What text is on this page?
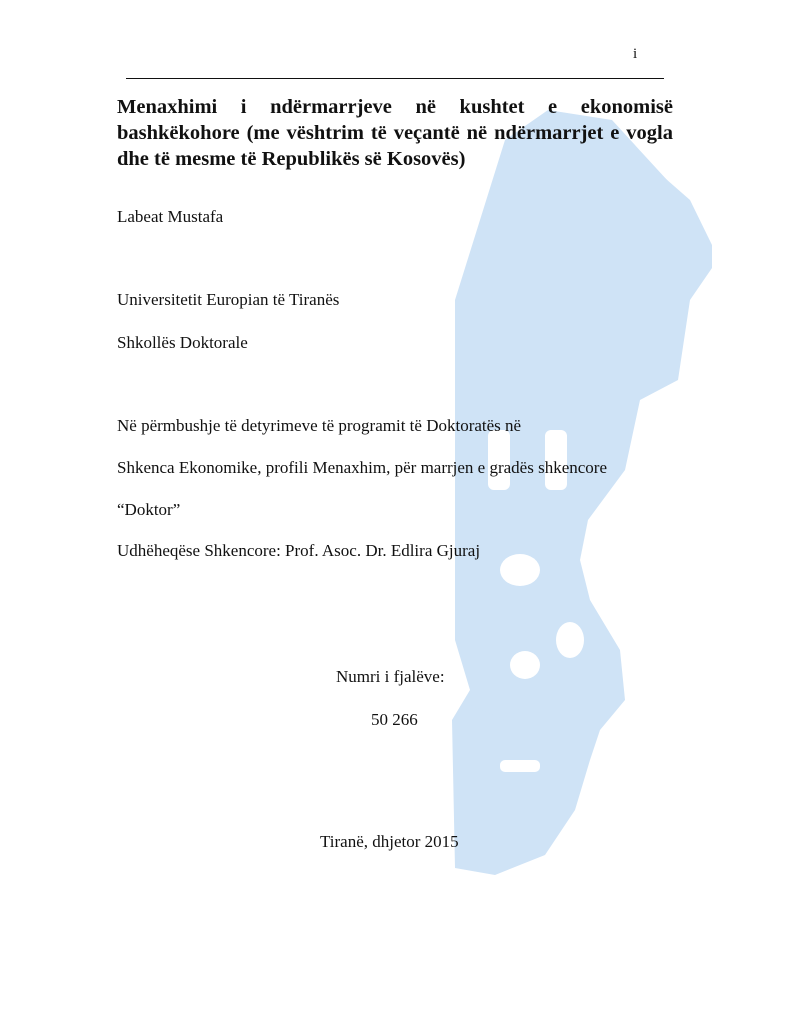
i
Menaxhimi i ndërmarrjeve në kushtet e ekonomisë bashkëkohore (me vështrim të veçantë në ndërmarrjet e vogla dhe të mesme të Republikës së Kosovës)
Labeat Mustafa
Universitetit Europian të Tiranës
Shkollës Doktorale
Në përmbushje të detyrimeve të programit të Doktoratës në
Shkenca Ekonomike, profili Menaxhim, për marrjen e gradës shkencore
“Doktor”
Udhëheqëse Shkencore: Prof. Asoc. Dr. Edlira Gjuraj
Numri i fjalëve:
50 266
Tiranë, dhjetor 2015
